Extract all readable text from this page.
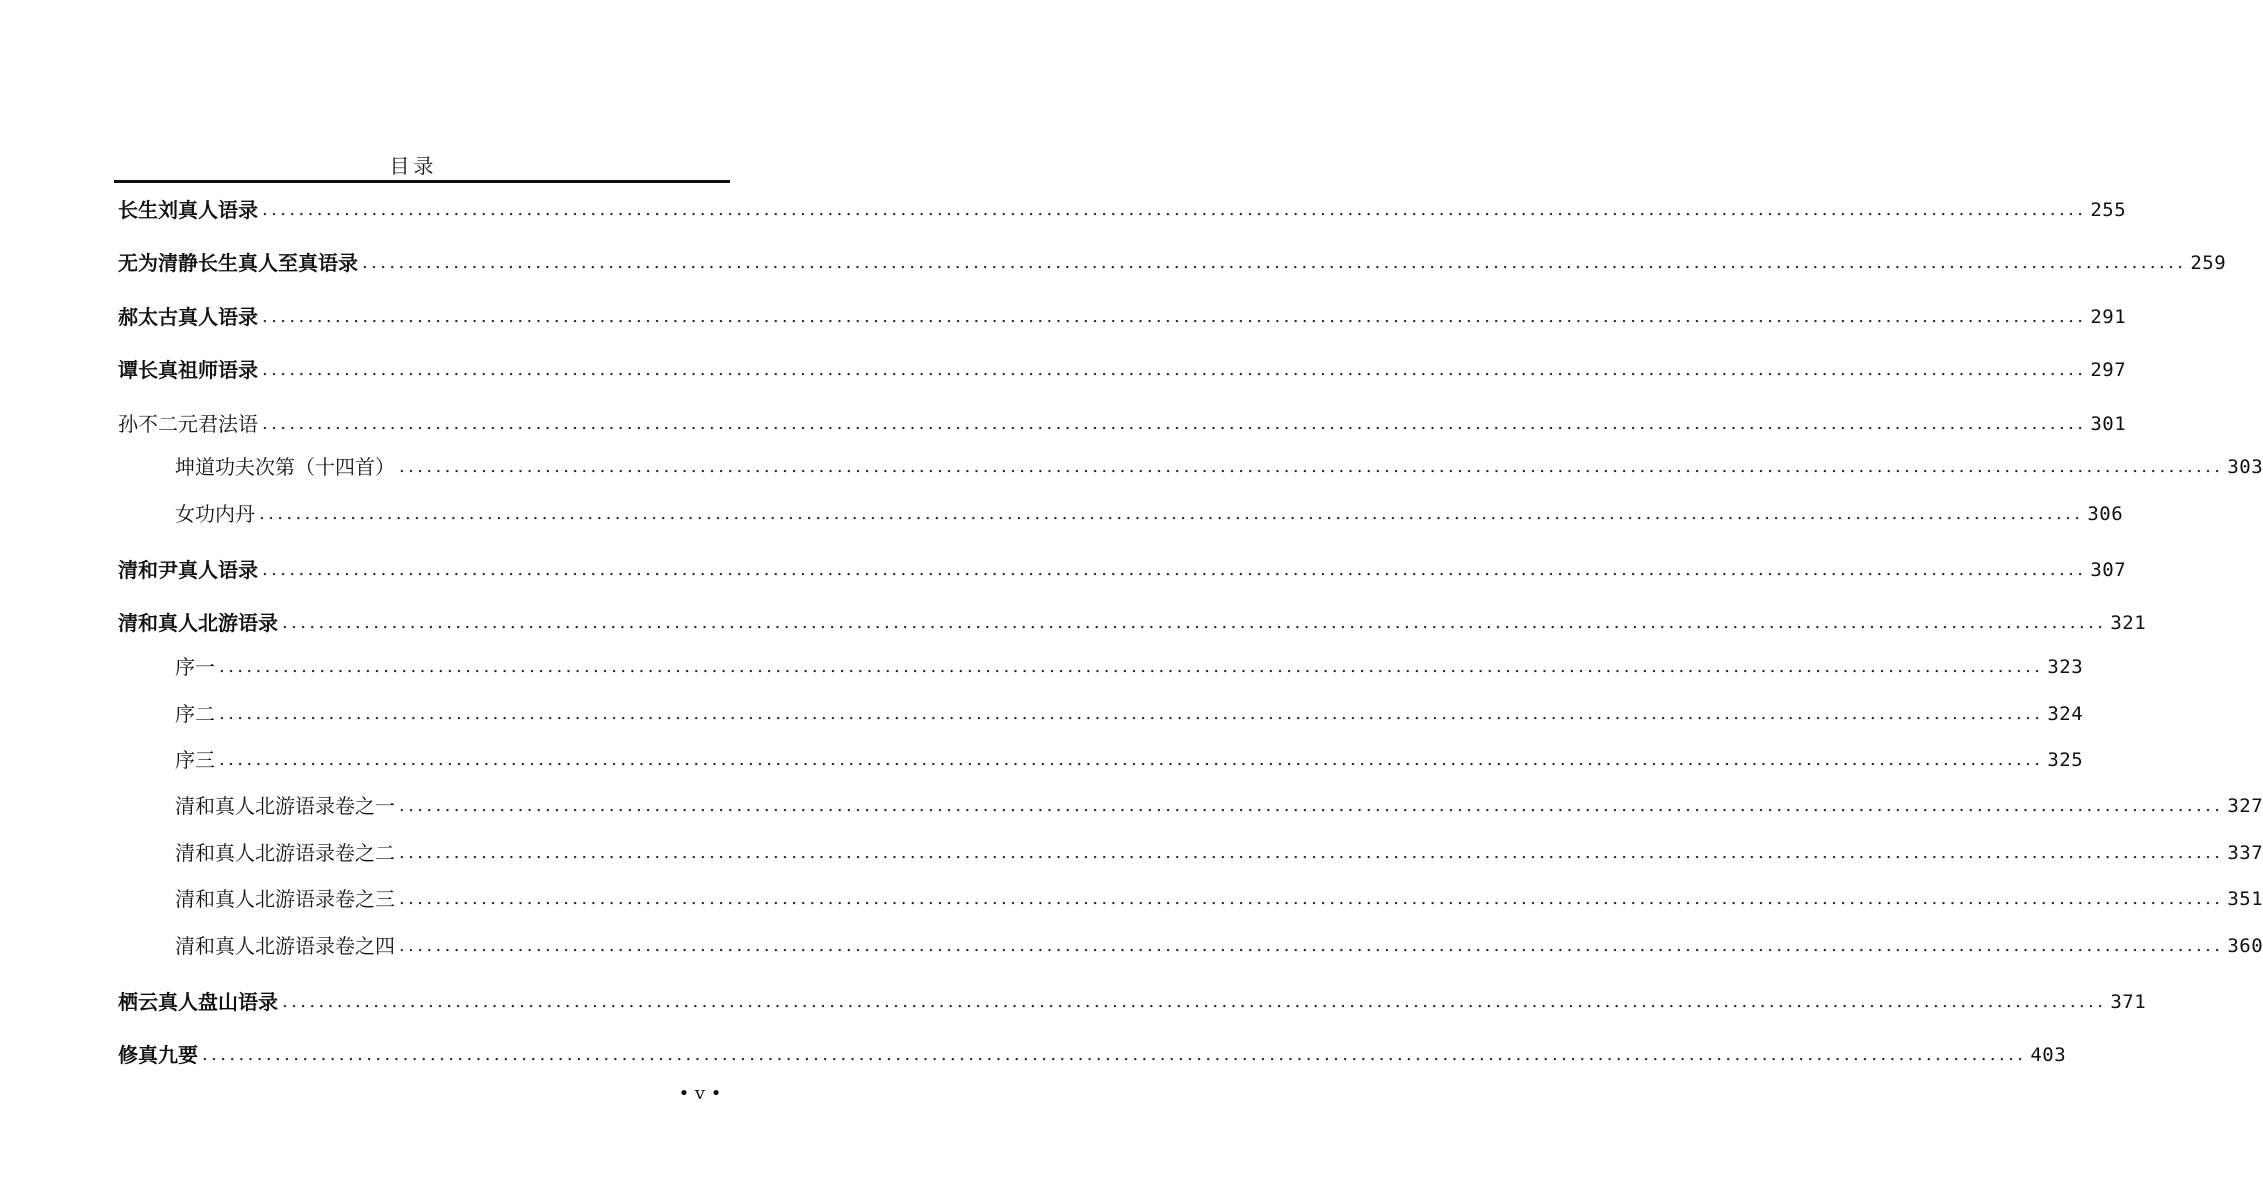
目录
长生刘真人语录 ........................................................................................................................................................................................................ 255
无为清静长生真人至真语录 ........................................................................................................................................................................................................ 259
郝太古真人语录 ........................................................................................................................................................................................................ 291
谭长真祖师语录 ........................................................................................................................................................................................................ 297
孙不二元君法语 ........................................................................................................................................................................................................ 301
坤道功夫次第（十四首） ........................................................................................................................................................................................................ 303
女功内丹 ........................................................................................................................................................................................................ 306
清和尹真人语录 ........................................................................................................................................................................................................ 307
清和真人北游语录 ........................................................................................................................................................................................................ 321
序一 ........................................................................................................................................................................................................ 323
序二 ........................................................................................................................................................................................................ 324
序三 ........................................................................................................................................................................................................ 325
清和真人北游语录卷之一 ........................................................................................................................................................................................................ 327
清和真人北游语录卷之二 ........................................................................................................................................................................................................ 337
清和真人北游语录卷之三 ........................................................................................................................................................................................................ 351
清和真人北游语录卷之四 ........................................................................................................................................................................................................ 360
栖云真人盘山语录 ........................................................................................................................................................................................................ 371
修真九要 ........................................................................................................................................................................................................ 403
• v •
